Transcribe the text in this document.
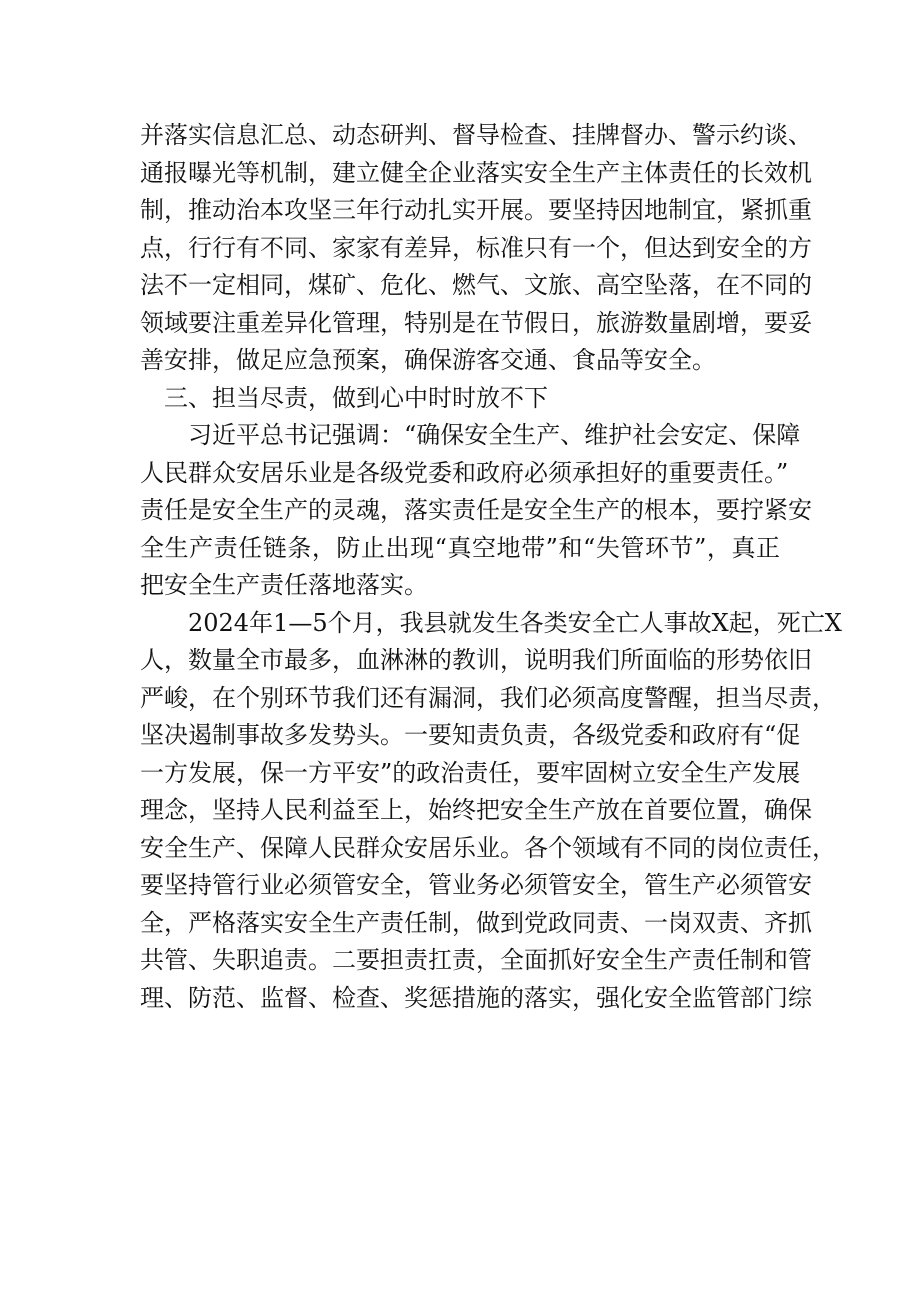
并落实信息汇总、动态研判、督导检查、挂牌督办、警示约谈、
通报曝光等机制，建立健全企业落实安全生产主体责任的长效机
制，推动治本攻坚三年行动扎实开展。要坚持因地制宜，紧抓重
点，行行有不同、家家有差异，标准只有一个，但达到安全的方
法不一定相同，煤矿、危化、燃气、文旅、高空坠落，在不同的
领域要注重差异化管理，特别是在节假日，旅游数量剧增，要妥
善安排，做足应急预案，确保游客交通、食品等安全。
三、担当尽责，做到心中时时放不下
习近平总书记强调：“确保安全生产、维护社会安定、保障
人民群众安居乐业是各级党委和政府必须承担好的重要责任。”
责任是安全生产的灵魂，落实责任是安全生产的根本，要拧紧安
全生产责任链条，防止出现“真空地带”和“失管环节”，真正
把安全生产责任落地落实。
2024年1—5个月，我县就发生各类安全亡人事故X起，死亡X
人，数量全市最多，血淋淋的教训，说明我们所面临的形势依旧
严峻，在个别环节我们还有漏洞，我们必须高度警醒，担当尽责，
坚决遏制事故多发势头。一要知责负责，各级党委和政府有“促
一方发展，保一方平安”的政治责任，要牢固树立安全生产发展
理念，坚持人民利益至上，始终把安全生产放在首要位置，确保
安全生产、保障人民群众安居乐业。各个领域有不同的岗位责任，
要坚持管行业必须管安全，管业务必须管安全，管生产必须管安
全，严格落实安全生产责任制，做到党政同责、一岗双责、齐抓
共管、失职追责。二要担责扛责，全面抓好安全生产责任制和管
理、防范、监督、检查、奖惩措施的落实，强化安全监管部门综
